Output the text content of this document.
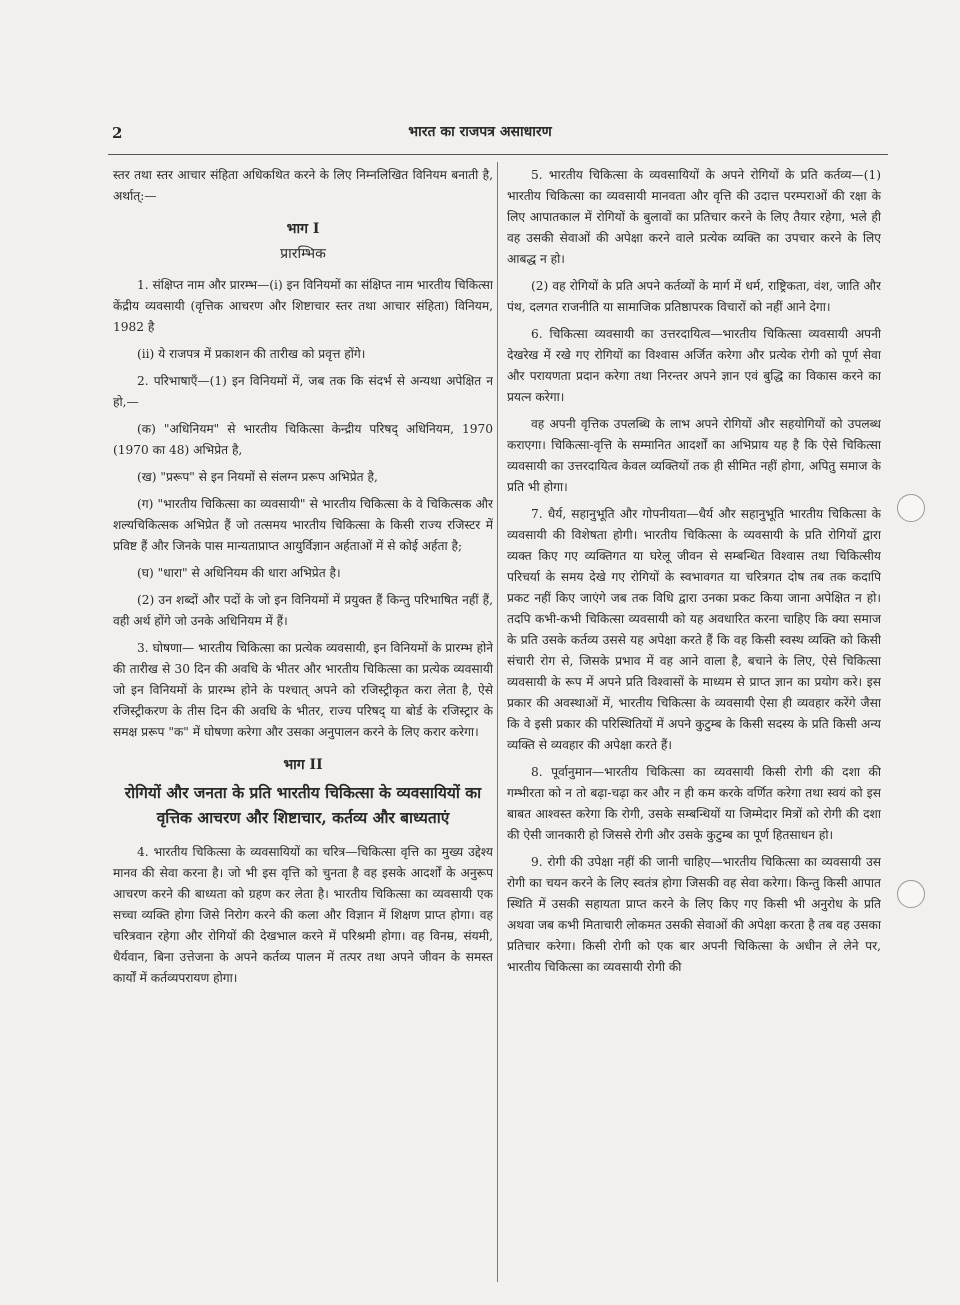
2	भारत का राजपत्र असाधारण

स्तर तथा स्तर आचार संहिता अधिकथित करने के लिए निम्नलिखित विनियम बनाती है, अर्थात्:—

भाग I
प्रारम्भिक

1. संक्षिप्त नाम और प्रारम्भ—(i) इन विनियमों का संक्षिप्त नाम भारतीय चिकित्सा केंद्रीय व्यवसायी (वृत्तिक आचरण और शिष्टाचार स्तर तथा आचार संहिता) विनियम, 1982 है

(ii) ये राजपत्र में प्रकाशन की तारीख को प्रवृत्त होंगे।

2. परिभाषाएँ—(1) इन विनियमों में, जब तक कि संदर्भ से अन्यथा अपेक्षित न हो,—

(क) "अधिनियम" से भारतीय चिकित्सा केन्द्रीय परिषद् अधिनियम, 1970 (1970 का 48) अभिप्रेत है,

(ख) "प्ररूप" से इन नियमों से संलग्न प्ररूप अभिप्रेत है,

(ग) "भारतीय चिकित्सा का व्यवसायी" से भारतीय चिकित्सा के वे चिकित्सक और शल्यचिकित्सक अभिप्रेत हैं जो तत्समय भारतीय चिकित्सा के किसी राज्य रजिस्टर में प्रविष्ट हैं और जिनके पास मान्यताप्राप्त आयुर्विज्ञान अर्हताओं में से कोई अर्हता है;

(घ) "धारा" से अधिनियम की धारा अभिप्रेत है।

(2) उन शब्दों और पदों के जो इन विनियमों में प्रयुक्त हैं किन्तु परिभाषित नहीं हैं, वही अर्थ होंगे जो उनके अधिनियम में हैं।

3. घोषणा— भारतीय चिकित्सा का प्रत्येक व्यवसायी, इन विनियमों के प्रारम्भ होने की तारीख से 30 दिन की अवधि के भीतर और भारतीय चिकित्सा का प्रत्येक व्यवसायी जो इन विनियमों के प्रारम्भ होने के पश्चात् अपने को रजिस्ट्रीकृत करा लेता है, ऐसे रजिस्ट्रीकरण के तीस दिन की अवधि के भीतर, राज्य परिषद् या बोर्ड के रजिस्ट्रार के समक्ष प्ररूप "क" में घोषणा करेगा और उसका अनुपालन करने के लिए करार करेगा।

भाग II
रोगियों और जनता के प्रति भारतीय चिकित्सा के व्यवसायियों का वृत्तिक आचरण और शिष्टाचार, कर्तव्य और बाध्यताएं

4. भारतीय चिकित्सा के व्यवसायियों का चरित्र—चिकित्सा वृत्ति का मुख्य उद्देश्य मानव की सेवा करना है। जो भी इस वृत्ति को चुनता है वह इसके आदर्शों के अनुरूप आचरण करने की बाध्यता को ग्रहण कर लेता है। भारतीय चिकित्सा का व्यवसायी एक सच्चा व्यक्ति होगा जिसे निरोग करने की कला और विज्ञान में शिक्षण प्राप्त होगा। वह चरित्रवान रहेगा और रोगियों की देखभाल करने में परिश्रमी होगा। वह विनम्र, संयमी, धैर्यवान, बिना उत्तेजना के अपने कर्तव्य पालन में तत्पर तथा अपने जीवन के समस्त कार्यों में कर्तव्यपरायण होगा।

5. भारतीय चिकित्सा के व्यवसायियों के अपने रोगियों के प्रति कर्तव्य—(1) भारतीय चिकित्सा का व्यवसायी मानवता और वृत्ति की उदात्त परम्पराओं की रक्षा के लिए आपातकाल में रोगियों के बुलावों का प्रतिचार करने के लिए तैयार रहेगा, भले ही वह उसकी सेवाओं की अपेक्षा करने वाले प्रत्येक व्यक्ति का उपचार करने के लिए आबद्ध न हो।

(2) वह रोगियों के प्रति अपने कर्तव्यों के मार्ग में धर्म, राष्ट्रिकता, वंश, जाति और पंथ, दलगत राजनीति या सामाजिक प्रतिष्ठापरक विचारों को नहीं आने देगा।

6. चिकित्सा व्यवसायी का उत्तरदायित्व—भारतीय चिकित्सा व्यवसायी अपनी देखरेख में रखे गए रोगियों का विश्वास अर्जित करेगा और प्रत्येक रोगी को पूर्ण सेवा और परायणता प्रदान करेगा तथा निरन्तर अपने ज्ञान एवं बुद्धि का विकास करने का प्रयत्न करेगा।

वह अपनी वृत्तिक उपलब्धि के लाभ अपने रोगियों और सहयोगियों को उपलब्ध कराएगा। चिकित्सा-वृत्ति के सम्मानित आदर्शों का अभिप्राय यह है कि ऐसे चिकित्सा व्यवसायी का उत्तरदायित्व केवल व्यक्तियों तक ही सीमित नहीं होगा, अपितु समाज के प्रति भी होगा।

7. धैर्य, सहानुभूति और गोपनीयता—धैर्य और सहानुभूति भारतीय चिकित्सा के व्यवसायी की विशेषता होगी। भारतीय चिकित्सा के व्यवसायी के प्रति रोगियों द्वारा व्यक्त किए गए व्यक्तिगत या घरेलू जीवन से सम्बन्धित विश्वास तथा चिकित्सीय परिचर्या के समय देखे गए रोगियों के स्वभावगत या चरित्रगत दोष तब तक कदापि प्रकट नहीं किए जाएंगे जब तक विधि द्वारा उनका प्रकट किया जाना अपेक्षित न हो। तदपि कभी-कभी चिकित्सा व्यवसायी को यह अवधारित करना चाहिए कि क्या समाज के प्रति उसके कर्तव्य उससे यह अपेक्षा करते हैं कि वह किसी स्वस्थ व्यक्ति को किसी संचारी रोग से, जिसके प्रभाव में वह आने वाला है, बचाने के लिए, ऐसे चिकित्सा व्यवसायी के रूप में अपने प्रति विश्वासों के माध्यम से प्राप्त ज्ञान का प्रयोग करे। इस प्रकार की अवस्थाओं में, भारतीय चिकित्सा के व्यवसायी ऐसा ही व्यवहार करेंगे जैसा कि वे इसी प्रकार की परिस्थितियों में अपने कुटुम्ब के किसी सदस्य के प्रति किसी अन्य व्यक्ति से व्यवहार की अपेक्षा करते हैं।

8. पूर्वानुमान—भारतीय चिकित्सा का व्यवसायी किसी रोगी की दशा की गम्भीरता को न तो बढ़ा-चढ़ा कर और न ही कम करके वर्णित करेगा तथा स्वयं को इस बाबत आश्वस्त करेगा कि रोगी, उसके सम्बन्धियों या जिम्मेदार मित्रों को रोगी की दशा की ऐसी जानकारी हो जिससे रोगी और उसके कुटुम्ब का पूर्ण हितसाधन हो।

9. रोगी की उपेक्षा नहीं की जानी चाहिए—भारतीय चिकित्सा का व्यवसायी उस रोगी का चयन करने के लिए स्वतंत्र होगा जिसकी वह सेवा करेगा। किन्तु किसी आपात स्थिति में उसकी सहायता प्राप्त करने के लिए किए गए किसी भी अनुरोध के प्रति अथवा जब कभी मिताचारी लोकमत उसकी सेवाओं की अपेक्षा करता है तब वह उसका प्रतिचार करेगा। किसी रोगी को एक बार अपनी चिकित्सा के अधीन ले लेने पर, भारतीय चिकित्सा का व्यवसायी रोगी की
